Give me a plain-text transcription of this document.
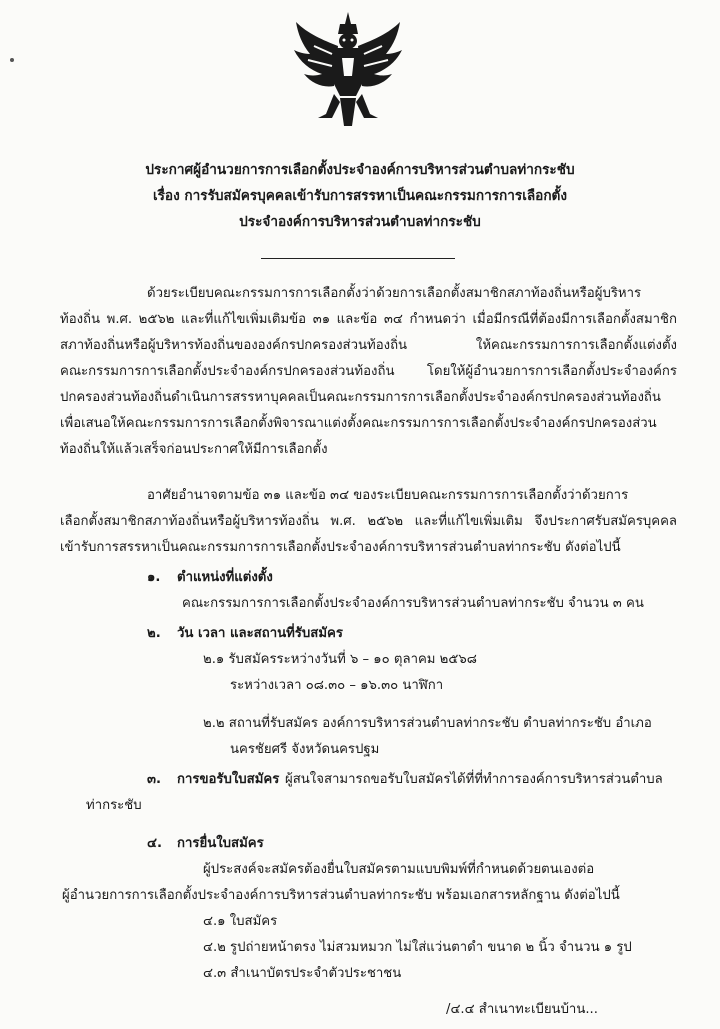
ประกาศผู้อำนวยการการเลือกตั้งประจำองค์การบริหารส่วนตำบลท่ากระชับ
เรื่อง การรับสมัครบุคคลเข้ารับการสรรหาเป็นคณะกรรมการการเลือกตั้ง
ประจำองค์การบริหารส่วนตำบลท่ากระชับ
ด้วยระเบียบคณะกรรมการการเลือกตั้งว่าด้วยการเลือกตั้งสมาชิกสภาท้องถิ่นหรือผู้บริหาร
ท้องถิ่น พ.ศ. ๒๕๖๒ และที่แก้ไขเพิ่มเติมข้อ ๓๑ และข้อ ๓๔ กำหนดว่า เมื่อมีกรณีที่ต้องมีการเลือกตั้งสมาชิก
สภาท้องถิ่นหรือผู้บริหารท้องถิ่นขององค์กรปกครองส่วนท้องถิ่น ให้คณะกรรมการการเลือกตั้งแต่งตั้ง
คณะกรรมการการเลือกตั้งประจำองค์กรปกครองส่วนท้องถิ่น โดยให้ผู้อำนวยการการเลือกตั้งประจำองค์กร
ปกครองส่วนท้องถิ่นดำเนินการสรรหาบุคคลเป็นคณะกรรมการการเลือกตั้งประจำองค์กรปกครองส่วนท้องถิ่น
เพื่อเสนอให้คณะกรรมการการเลือกตั้งพิจารณาแต่งตั้งคณะกรรมการการเลือกตั้งประจำองค์กรปกครองส่วน
ท้องถิ่นให้แล้วเสร็จก่อนประกาศให้มีการเลือกตั้ง
อาศัยอำนาจตามข้อ ๓๑ และข้อ ๓๔ ของระเบียบคณะกรรมการการเลือกตั้งว่าด้วยการ
เลือกตั้งสมาชิกสภาท้องถิ่นหรือผู้บริหารท้องถิ่น พ.ศ. ๒๕๖๒ และที่แก้ไขเพิ่มเติม จึงประกาศรับสมัครบุคคล
เข้ารับการสรรหาเป็นคณะกรรมการการเลือกตั้งประจำองค์การบริหารส่วนตำบลท่ากระชับ ดังต่อไปนี้
๑. ตำแหน่งที่แต่งตั้ง
คณะกรรมการการเลือกตั้งประจำองค์การบริหารส่วนตำบลท่ากระชับ จำนวน ๓ คน
๒. วัน เวลา และสถานที่รับสมัคร
๒.๑ รับสมัครระหว่างวันที่ ๖ – ๑๐ ตุลาคม ๒๕๖๘
ระหว่างเวลา ๐๘.๓๐ – ๑๖.๓๐ นาฬิกา
๒.๒ สถานที่รับสมัคร องค์การบริหารส่วนตำบลท่ากระชับ ตำบลท่ากระชับ อำเภอ
นครชัยศรี จังหวัดนครปฐม
๓. การขอรับใบสมัคร ผู้สนใจสามารถขอรับใบสมัครได้ที่ที่ทำการองค์การบริหารส่วนตำบล
ท่ากระชับ
๔. การยื่นใบสมัคร
ผู้ประสงค์จะสมัครต้องยื่นใบสมัครตามแบบพิมพ์ที่กำหนดด้วยตนเองต่อ
ผู้อำนวยการการเลือกตั้งประจำองค์การบริหารส่วนตำบลท่ากระชับ พร้อมเอกสารหลักฐาน ดังต่อไปนี้
๔.๑ ใบสมัคร
๔.๒ รูปถ่ายหน้าตรง ไม่สวมหมวก ไม่ใส่แว่นตาดำ ขนาด ๒ นิ้ว จำนวน ๑ รูป
๔.๓ สำเนาบัตรประจำตัวประชาชน
/๔.๔ สำเนาทะเบียนบ้าน...
